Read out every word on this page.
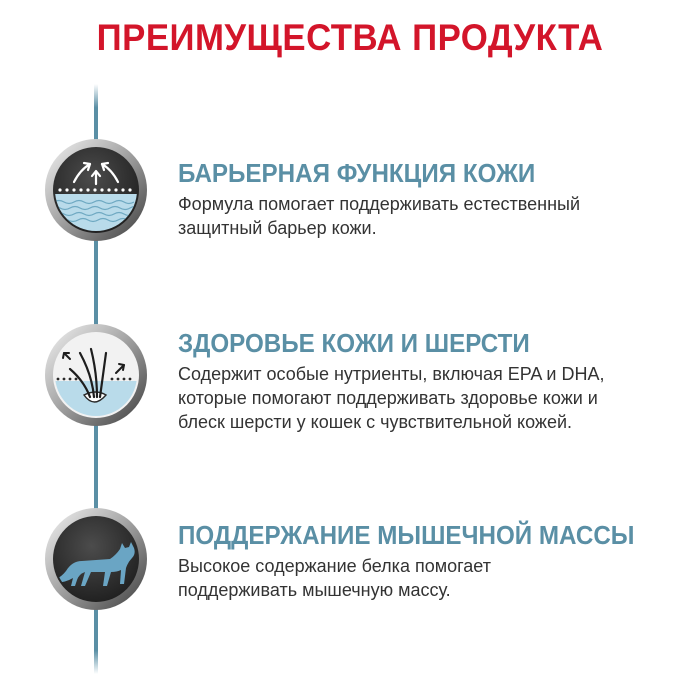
ПРЕИМУЩЕСТВА ПРОДУКТА
БАРЬЕРНАЯ ФУНКЦИЯ КОЖИ
Формула помогает поддерживать естественный
защитный барьер кожи.
ЗДОРОВЬЕ КОЖИ И ШЕРСТИ
Содержит особые нутриенты, включая EPA и DHA,
которые помогают поддерживать здоровье кожи и
блеск шерсти у кошек с чувствительной кожей.
ПОДДЕРЖАНИЕ МЫШЕЧНОЙ МАССЫ
Высокое содержание белка помогает
поддерживать мышечную массу.
